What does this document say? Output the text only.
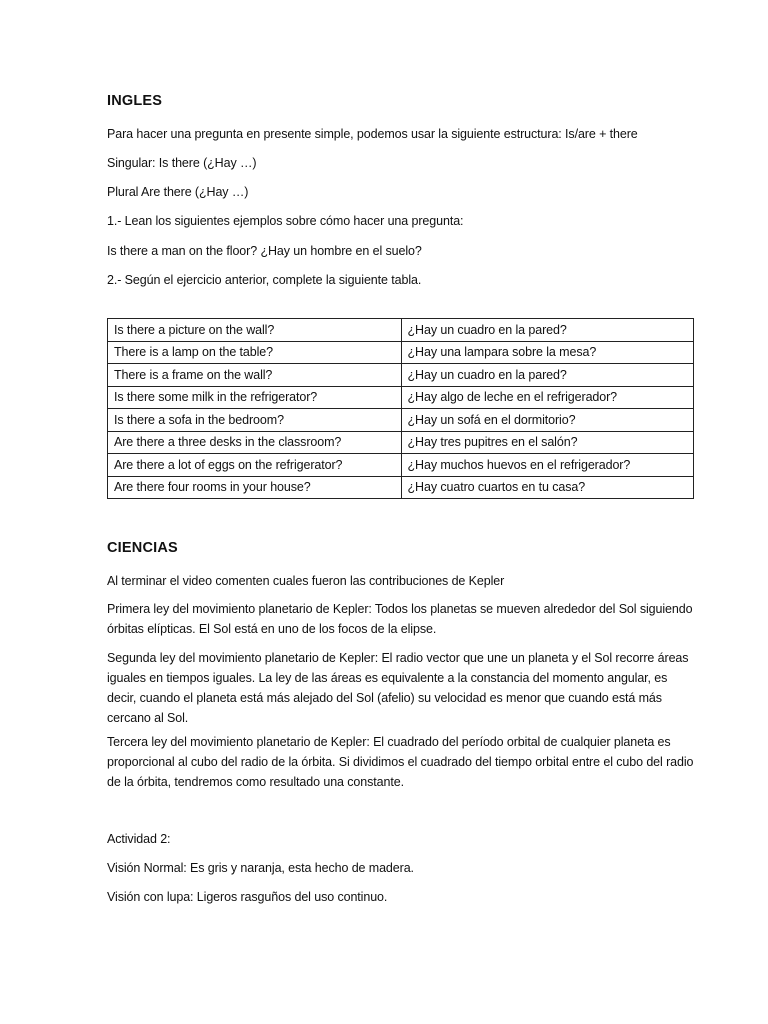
INGLES
Para hacer una pregunta en presente simple, podemos usar la siguiente estructura: Is/are + there
Singular: Is there (¿Hay …)
Plural Are there (¿Hay …)
1.- Lean los siguientes ejemplos sobre cómo hacer una pregunta:
Is there a man on the floor? ¿Hay un hombre en el suelo?
2.- Según el ejercicio anterior, complete la siguiente tabla.
Is there a picture on the wall?	¿Hay un cuadro en la pared?
There is a lamp on the table?	¿Hay una lampara sobre la mesa?
There is a frame on the wall?	¿Hay un cuadro en la pared?
Is there some milk in the refrigerator?	¿Hay algo de leche en el refrigerador?
Is there a sofa in the bedroom?	¿Hay un sofá en el dormitorio?
Are there a three desks in the classroom?	¿Hay tres pupitres en el salón?
Are there a lot of eggs on the refrigerator?	¿Hay muchos huevos en el refrigerador?
Are there four rooms in your house?	¿Hay cuatro cuartos en tu casa?
CIENCIAS
Al terminar el video comenten cuales fueron las contribuciones de Kepler
Primera ley del movimiento planetario de Kepler: Todos los planetas se mueven alrededor del Sol siguiendo órbitas elípticas. El Sol está en uno de los focos de la elipse.
Segunda ley del movimiento planetario de Kepler: El radio vector que une un planeta y el Sol recorre áreas iguales en tiempos iguales. La ley de las áreas es equivalente a la constancia del momento angular, es decir, cuando el planeta está más alejado del Sol (afelio) su velocidad es menor que cuando está más cercano al Sol.
Tercera ley del movimiento planetario de Kepler: El cuadrado del período orbital de cualquier planeta es proporcional al cubo del radio de la órbita. Si dividimos el cuadrado del tiempo orbital entre el cubo del radio de la órbita, tendremos como resultado una constante.
Actividad 2:
Visión Normal: Es gris y naranja, esta hecho de madera.
Visión con lupa: Ligeros rasguños del uso continuo.
